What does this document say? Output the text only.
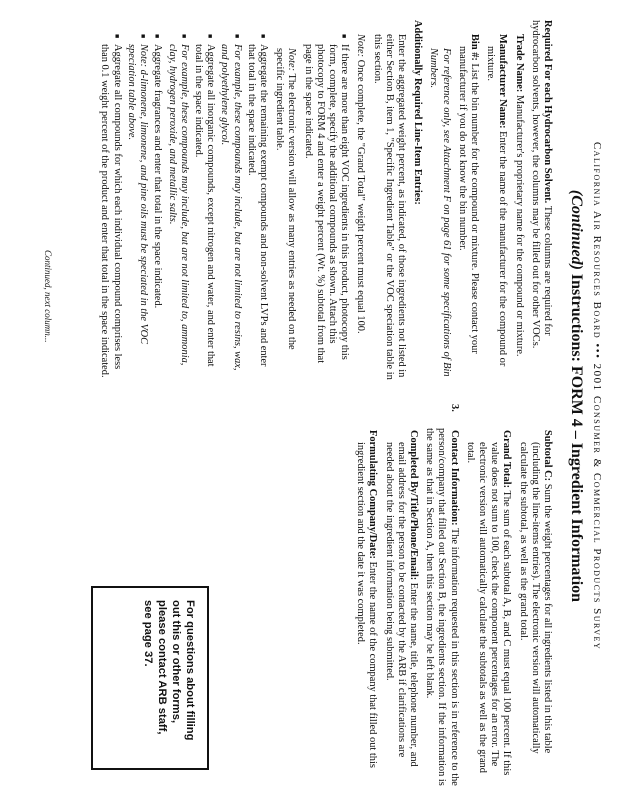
California Air Resources Board ••• 2001 Consumer & Commercial Products Survey
(Continued) Instructions: FORM 4 – Ingredient Information

Required For each Hydrocarbon Solvent. These columns are required for hydrocarbon solvents, however, the columns may be filled out for other VOCs.

Trade Name: Manufacturer's proprietary name for the compound or mixture.

Manufacturer Name: Enter the name of the manufacturer for the compound or mixture.

Bin #: List the bin number for the compound or mixture. Please contact your manufacturer if you do not know the bin number.

For reference only, see Attachment F on page 61 for some specifications of Bin Numbers.

Additionally Required Line-Item Entries:

Enter the aggregated weight percent, as indicated, of those ingredients not listed in either Section B, item 1, "Specific Ingredient Table" or the VOC speciation table in this section.

Note: Once complete, the "Grand Total" weight percent must equal 100.

■ If there are more than eight VOC ingredients in this product, photocopy this form, complete, specify the additional compounds as shown. Attach this photocopy to FORM 4 and enter a weight percent (Wt. %) subtotal from that page in the space indicated.

Note: The electronic version will allow as many entries as needed on the specific ingredient table.

■ Aggregate the remaining exempt compounds and non-solvent LVPs and enter that total in the space indicated.
■ For example, these compounds may include, but are not limited to resins, wax, and polyethylene glycol.
■ Aggregate all inorganic compounds, except nitrogen and water, and enter that total in the space indicated.
■ For example, these compounds may include, but are not limited to, ammonia, clay, hydrogen peroxide, and metallic salts.
■ Aggregate fragrances and enter that total in the space indicated.
■ Note: d-limonene, limonene, and pine oils must be speciated in the VOC speciation table above.
■ Aggregate all compounds for which each individual compound comprises less than 0.1 weight percent of the product and enter that total in the space indicated.
Continued, next column...

Subtotal C: Sum the weight percentages for all ingredients listed in this table (including the line-items entries). The electronic version will automatically calculate the subtotal, as well as the grand total.

Grand Total: The sum of each subtotal A, B, and C must equal 100 percent. If this value does not sum to 100, check the component percentages for an error. The electronic version will automatically calculate the subtotals as well as the grand total.

3.Contact Information: The information requested in this section is in reference to the person/company that filled out Section B, the ingredients section. If the information is the same as that in Section A, then this section may be left blank.

Completed By/Title/Phone/Email: Enter the name, title, telephone number, and email address for the person to be contacted by the ARB if clarifications are needed about the ingredient information being submitted.

Formulating Company/Date: Enter the name of the company that filled out this ingredient section and the date it was completed.

For questions about filling out this or other forms, please contact ARB staff, see page 37.
